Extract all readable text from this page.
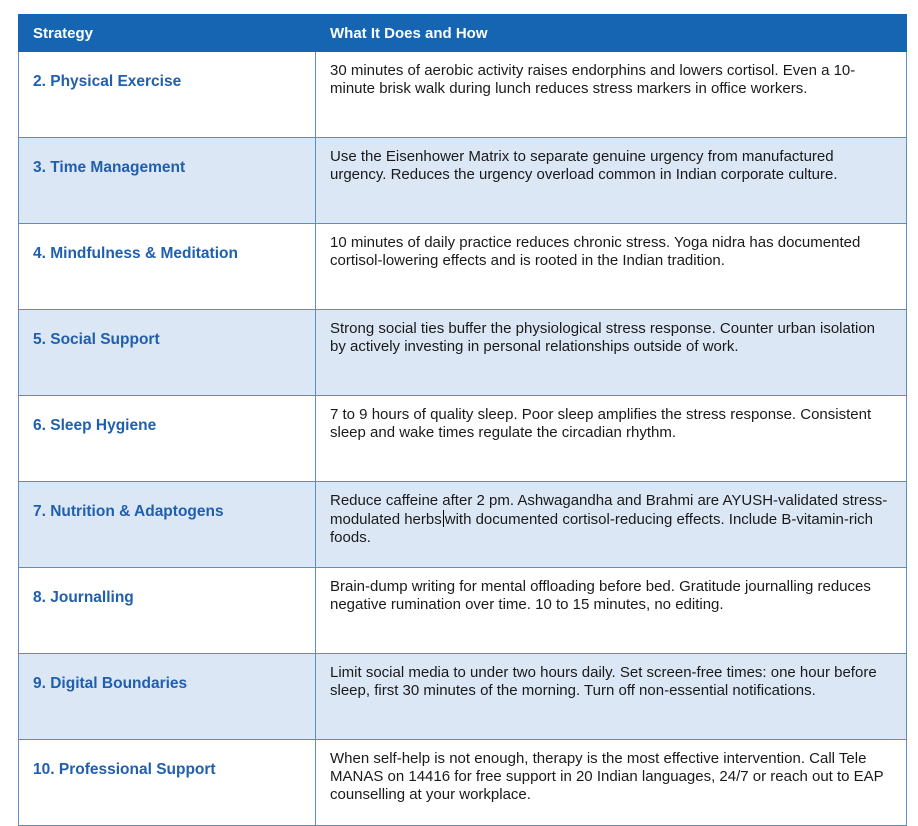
Strategy	What It Does and How

2. Physical Exercise	30 minutes of aerobic activity raises endorphins and lowers cortisol. Even a 10-minute brisk walk during lunch reduces stress markers in office workers.

3. Time Management	Use the Eisenhower Matrix to separate genuine urgency from manufactured urgency. Reduces the urgency overload common in Indian corporate culture.

4. Mindfulness & Meditation	10 minutes of daily practice reduces chronic stress. Yoga nidra has documented cortisol-lowering effects and is rooted in the Indian tradition.

5. Social Support	Strong social ties buffer the physiological stress response. Counter urban isolation by actively investing in personal relationships outside of work.

6. Sleep Hygiene	7 to 9 hours of quality sleep. Poor sleep amplifies the stress response. Consistent sleep and wake times regulate the circadian rhythm.

7. Nutrition & Adaptogens	Reduce caffeine after 2 pm. Ashwagandha and Brahmi are AYUSH-validated stress-modulated herbs with documented cortisol-reducing effects. Include B-vitamin-rich foods.

8. Journalling	Brain-dump writing for mental offloading before bed. Gratitude journalling reduces negative rumination over time. 10 to 15 minutes, no editing.

9. Digital Boundaries	Limit social media to under two hours daily. Set screen-free times: one hour before sleep, first 30 minutes of the morning. Turn off non-essential notifications.

10. Professional Support	When self-help is not enough, therapy is the most effective intervention. Call Tele MANAS on 14416 for free support in 20 Indian languages, 24/7 or reach out to EAP counselling at your workplace.
